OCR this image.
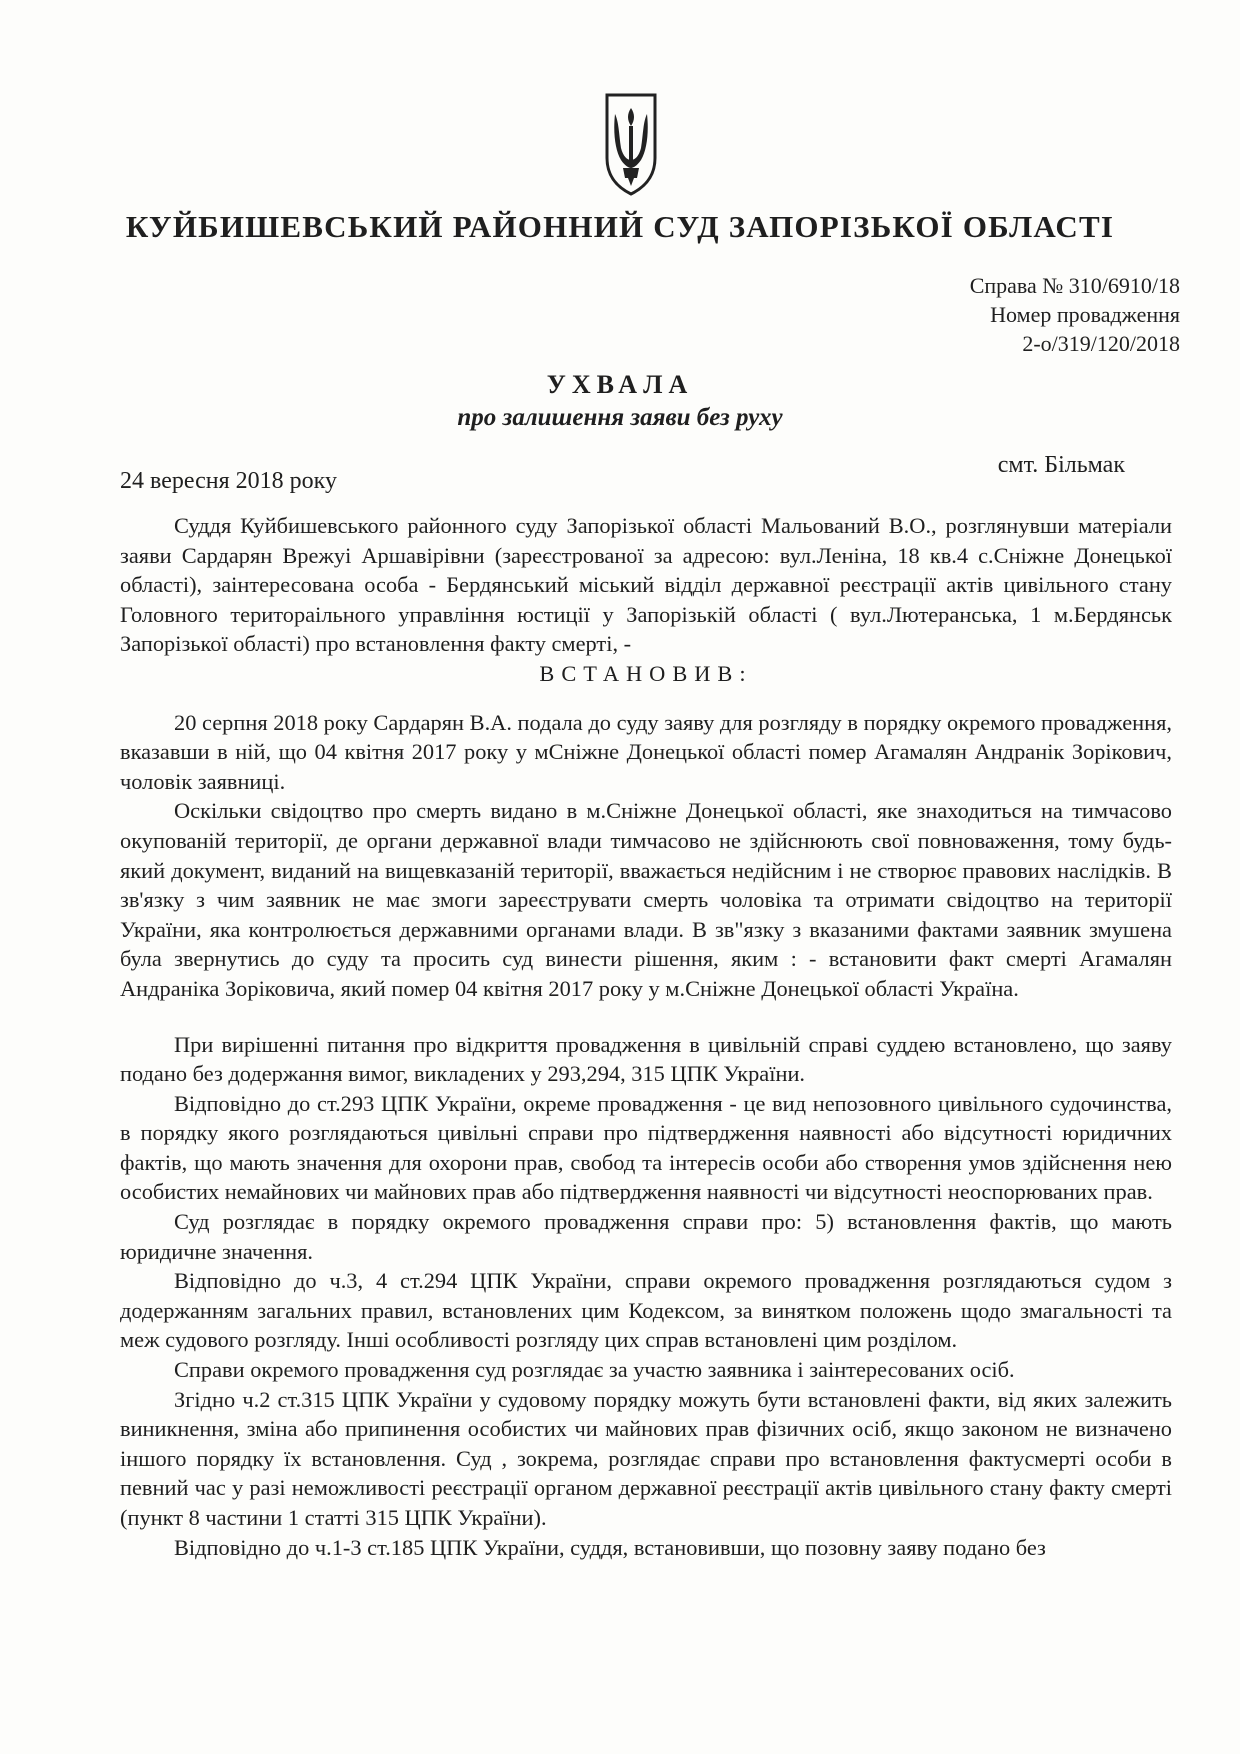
КУЙБИШЕВСЬКИЙ РАЙОННИЙ СУД ЗАПОРІЗЬКОЇ ОБЛАСТІ
Справа № 310/6910/18
Номер провадження
2-о/319/120/2018
УХВАЛА
про залишення заяви без руху
24 вересня 2018 року
смт. Більмак

Суддя Куйбишевського районного суду Запорізької області Мальований В.О., розглянувши матеріали заяви Сардарян Врежуі Аршавірівни (зареєстрованої за адресою: вул.Леніна, 18 кв.4 с.Сніжне Донецької області), заінтересована особа - Бердянський міський відділ державної реєстрації актів цивільного стану Головного територаільного управління юстиції у Запорізькій області ( вул.Лютеранська, 1 м.Бердянськ Запорізької області) про встановлення факту смерті, -

ВСТАНОВИВ:

20 серпня 2018 року Сардарян В.А. подала до суду заяву для розгляду в порядку окремого провадження, вказавши в ній, що 04 квітня 2017 року у мСніжне Донецької області помер Агамалян Андранік Зорікович, чоловік заявниці.

Оскільки свідоцтво про смерть видано в м.Сніжне Донецької області, яке знаходиться на тимчасово окупованій території, де органи державної влади тимчасово не здійснюють свої повноваження, тому будь-який документ, виданий на вищевказаній території, вважається недійсним і не створює правових наслідків. В зв'язку з чим заявник не має змоги зареєструвати смерть чоловіка та отримати свідоцтво на території України, яка контролюється державними органами влади. В зв"язку з вказаними фактами заявник змушена була звернутись до суду та просить суд винести рішення, яким : - встановити факт смерті Агамалян Андраніка Зоріковича, який помер 04 квітня 2017 року у м.Сніжне Донецької області Україна.

При вирішенні питання про відкриття провадження в цивільній справі суддею встановлено, що заяву подано без додержання вимог, викладених у 293,294, 315 ЦПК України.

Відповідно до ст.293 ЦПК України, окреме провадження - це вид непозовного цивільного судочинства, в порядку якого розглядаються цивільні справи про підтвердження наявності або відсутності юридичних фактів, що мають значення для охорони прав, свобод та інтересів особи або створення умов здійснення нею особистих немайнових чи майнових прав або підтвердження наявності чи відсутності неоспорюваних прав.

Суд розглядає в порядку окремого провадження справи про: 5) встановлення фактів, що мають юридичне значення.

Відповідно до ч.3, 4 ст.294 ЦПК України, справи окремого провадження розглядаються судом з додержанням загальних правил, встановлених цим Кодексом, за винятком положень щодо змагальності та меж судового розгляду. Інші особливості розгляду цих справ встановлені цим розділом.

Справи окремого провадження суд розглядає за участю заявника і заінтересованих осіб.

Згідно ч.2 ст.315 ЦПК України у судовому порядку можуть бути встановлені факти, від яких залежить виникнення, зміна або припинення особистих чи майнових прав фізичних осіб, якщо законом не визначено іншого порядку їх встановлення. Суд , зокрема, розглядає справи про встановлення фактусмерті особи в певний час у разі неможливості реєстрації органом державної реєстрації актів цивільного стану факту смерті (пункт 8 частини 1 статті 315 ЦПК України).

Відповідно до ч.1-3 ст.185 ЦПК України, суддя, встановивши, що позовну заяву подано без
